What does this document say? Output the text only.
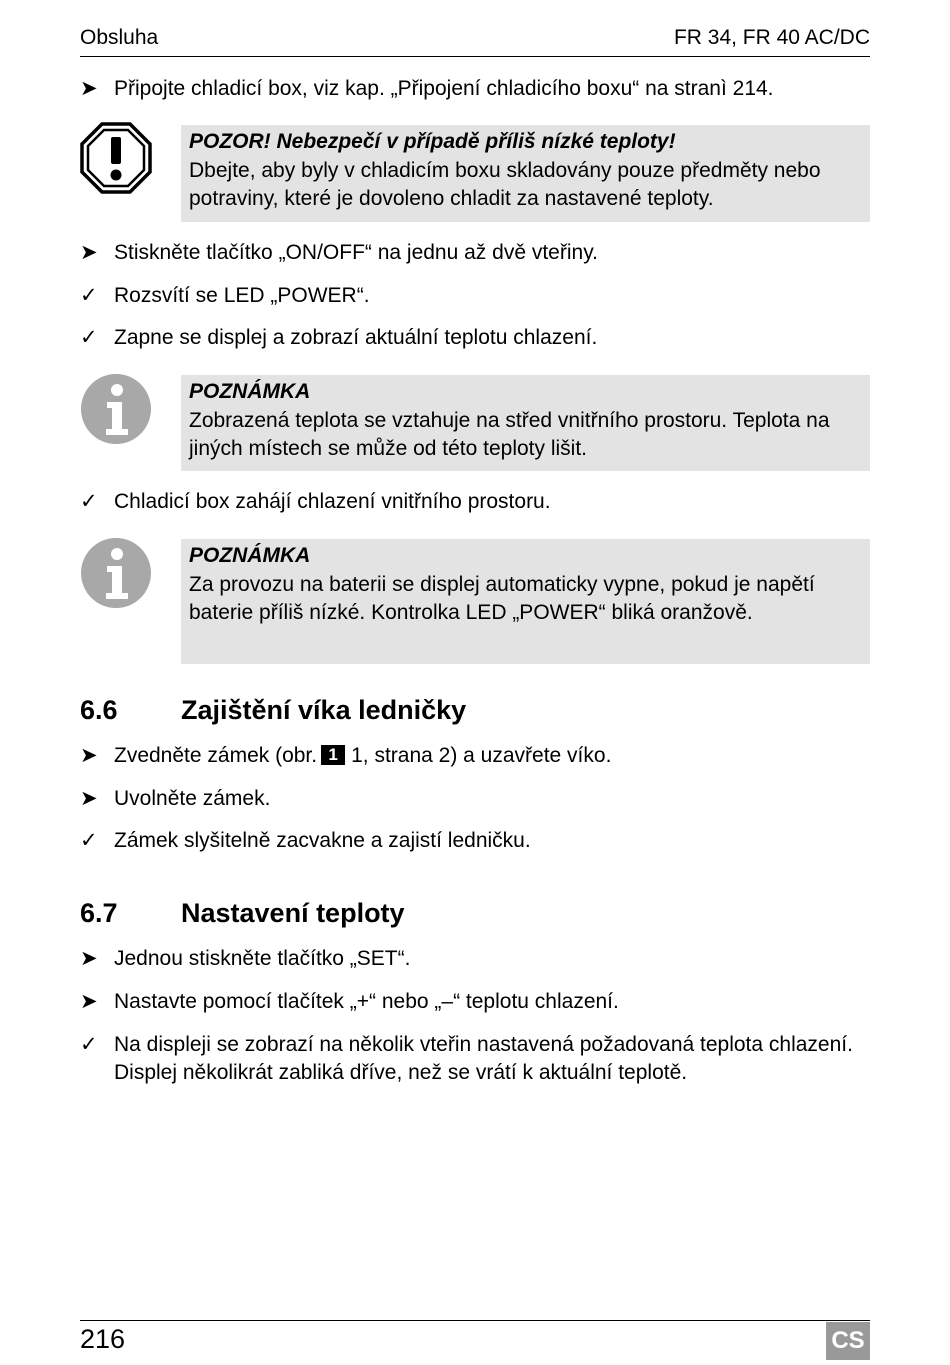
Obsluha	FR 34, FR 40 AC/DC
➤ Připojte chladicí box, viz kap. „Připojení chladicího boxu“ na stranì 214.
POZOR! Nebezpečí v případě příliš nízké teploty!
Dbejte, aby byly v chladicím boxu skladovány pouze předměty nebo potraviny, které je dovoleno chladit za nastavené teploty.
➤ Stiskněte tlačítko „ON/OFF“ na jednu až dvě vteřiny.
✓ Rozsvítí se LED „POWER“.
✓ Zapne se displej a zobrazí aktuální teplotu chlazení.
POZNÁMKA
Zobrazená teplota se vztahuje na střed vnitřního prostoru. Teplota na jiných místech se může od této teploty lišit.
✓ Chladicí box zahájí chlazení vnitřního prostoru.
POZNÁMKA
Za provozu na baterii se displej automaticky vypne, pokud je napětí baterie příliš nízké. Kontrolka LED „POWER“ bliká oranžově.
6.6 Zajištění víka ledničky
➤ Zvedněte zámek (obr. 1 1, strana 2) a uzavřete víko.
➤ Uvolněte zámek.
✓ Zámek slyšitelně zacvakne a zajistí ledničku.
6.7 Nastavení teploty
➤ Jednou stiskněte tlačítko „SET“.
➤ Nastavte pomocí tlačítek „+“ nebo „–“ teplotu chlazení.
✓ Na displeji se zobrazí na několik vteřin nastavená požadovaná teplota chlazení. Displej několikrát zabliká dříve, než se vrátí k aktuální teplotě.
216	CS
